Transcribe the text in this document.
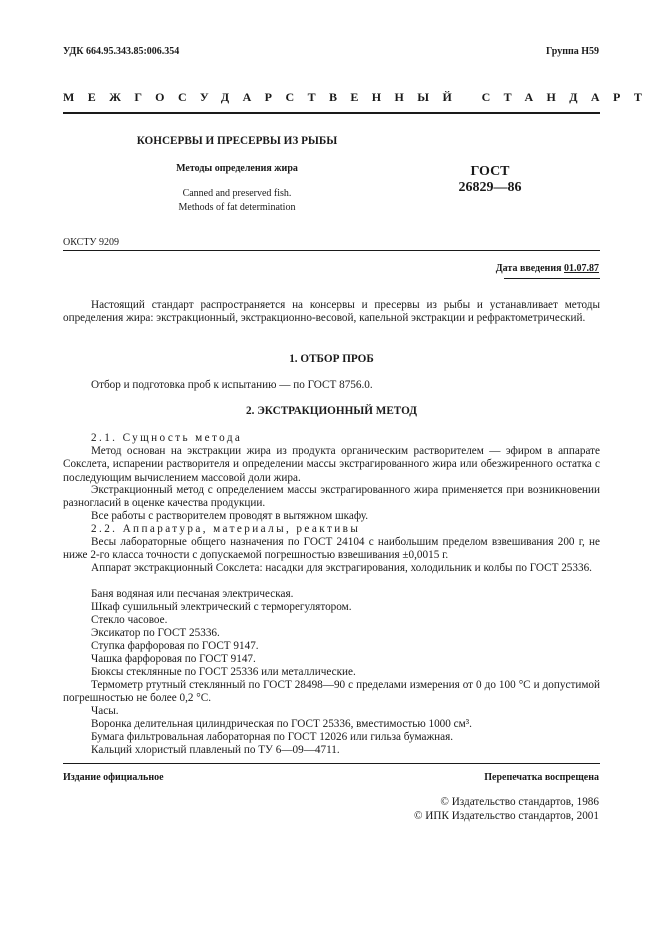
УДК 664.95.343.85:006.354	Группа Н59
МЕЖГОСУДАРСТВЕННЫЙ СТАНДАРТ
КОНСЕРВЫ И ПРЕСЕРВЫ ИЗ РЫБЫ
Методы определения жира
Canned and preserved fish.
Methods of fat determination
ГОСТ
26829—86
ОКСТУ 9209
Дата введения 01.07.87
Настоящий стандарт распространяется на консервы и пресервы из рыбы и устанавливает методы определения жира: экстракционный, экстракционно-весовой, капельной экстракции и рефрактометрический.
1. ОТБОР ПРОБ
Отбор и подготовка проб к испытанию — по ГОСТ 8756.0.
2. ЭКСТРАКЦИОННЫЙ МЕТОД
2.1. Сущность метода
Метод основан на экстракции жира из продукта органическим растворителем — эфиром в аппарате Сокслета, испарении растворителя и определении массы экстрагированного жира или обезжиренного остатка с последующим вычислением массовой доли жира.
Экстракционный метод с определением массы экстрагированного жира применяется при возникновении разногласий в оценке качества продукции.
Все работы с растворителем проводят в вытяжном шкафу.
2.2. Аппаратура, материалы, реактивы
Весы лабораторные общего назначения по ГОСТ 24104 с наибольшим пределом взвешивания 200 г, не ниже 2-го класса точности с допускаемой погрешностью взвешивания ±0,0015 г.
Аппарат экстракционный Сокслета: насадки для экстрагирования, холодильник и колбы по ГОСТ 25336.
Баня водяная или песчаная электрическая.
Шкаф сушильный электрический с терморегулятором.
Стекло часовое.
Эксикатор по ГОСТ 25336.
Ступка фарфоровая по ГОСТ 9147.
Чашка фарфоровая по ГОСТ 9147.
Бюксы стеклянные по ГОСТ 25336 или металлические.
Термометр ртутный стеклянный по ГОСТ 28498—90 с пределами измерения от 0 до 100 °С и допустимой погрешностью не более 0,2 °С.
Часы.
Воронка делительная цилиндрическая по ГОСТ 25336, вместимостью 1000 см³.
Бумага фильтровальная лабораторная по ГОСТ 12026 или гильза бумажная.
Кальций хлористый плавленый по ТУ 6—09—4711.
Издание официальное	Перепечатка воспрещена
© Издательство стандартов, 1986
© ИПК Издательство стандартов, 2001
